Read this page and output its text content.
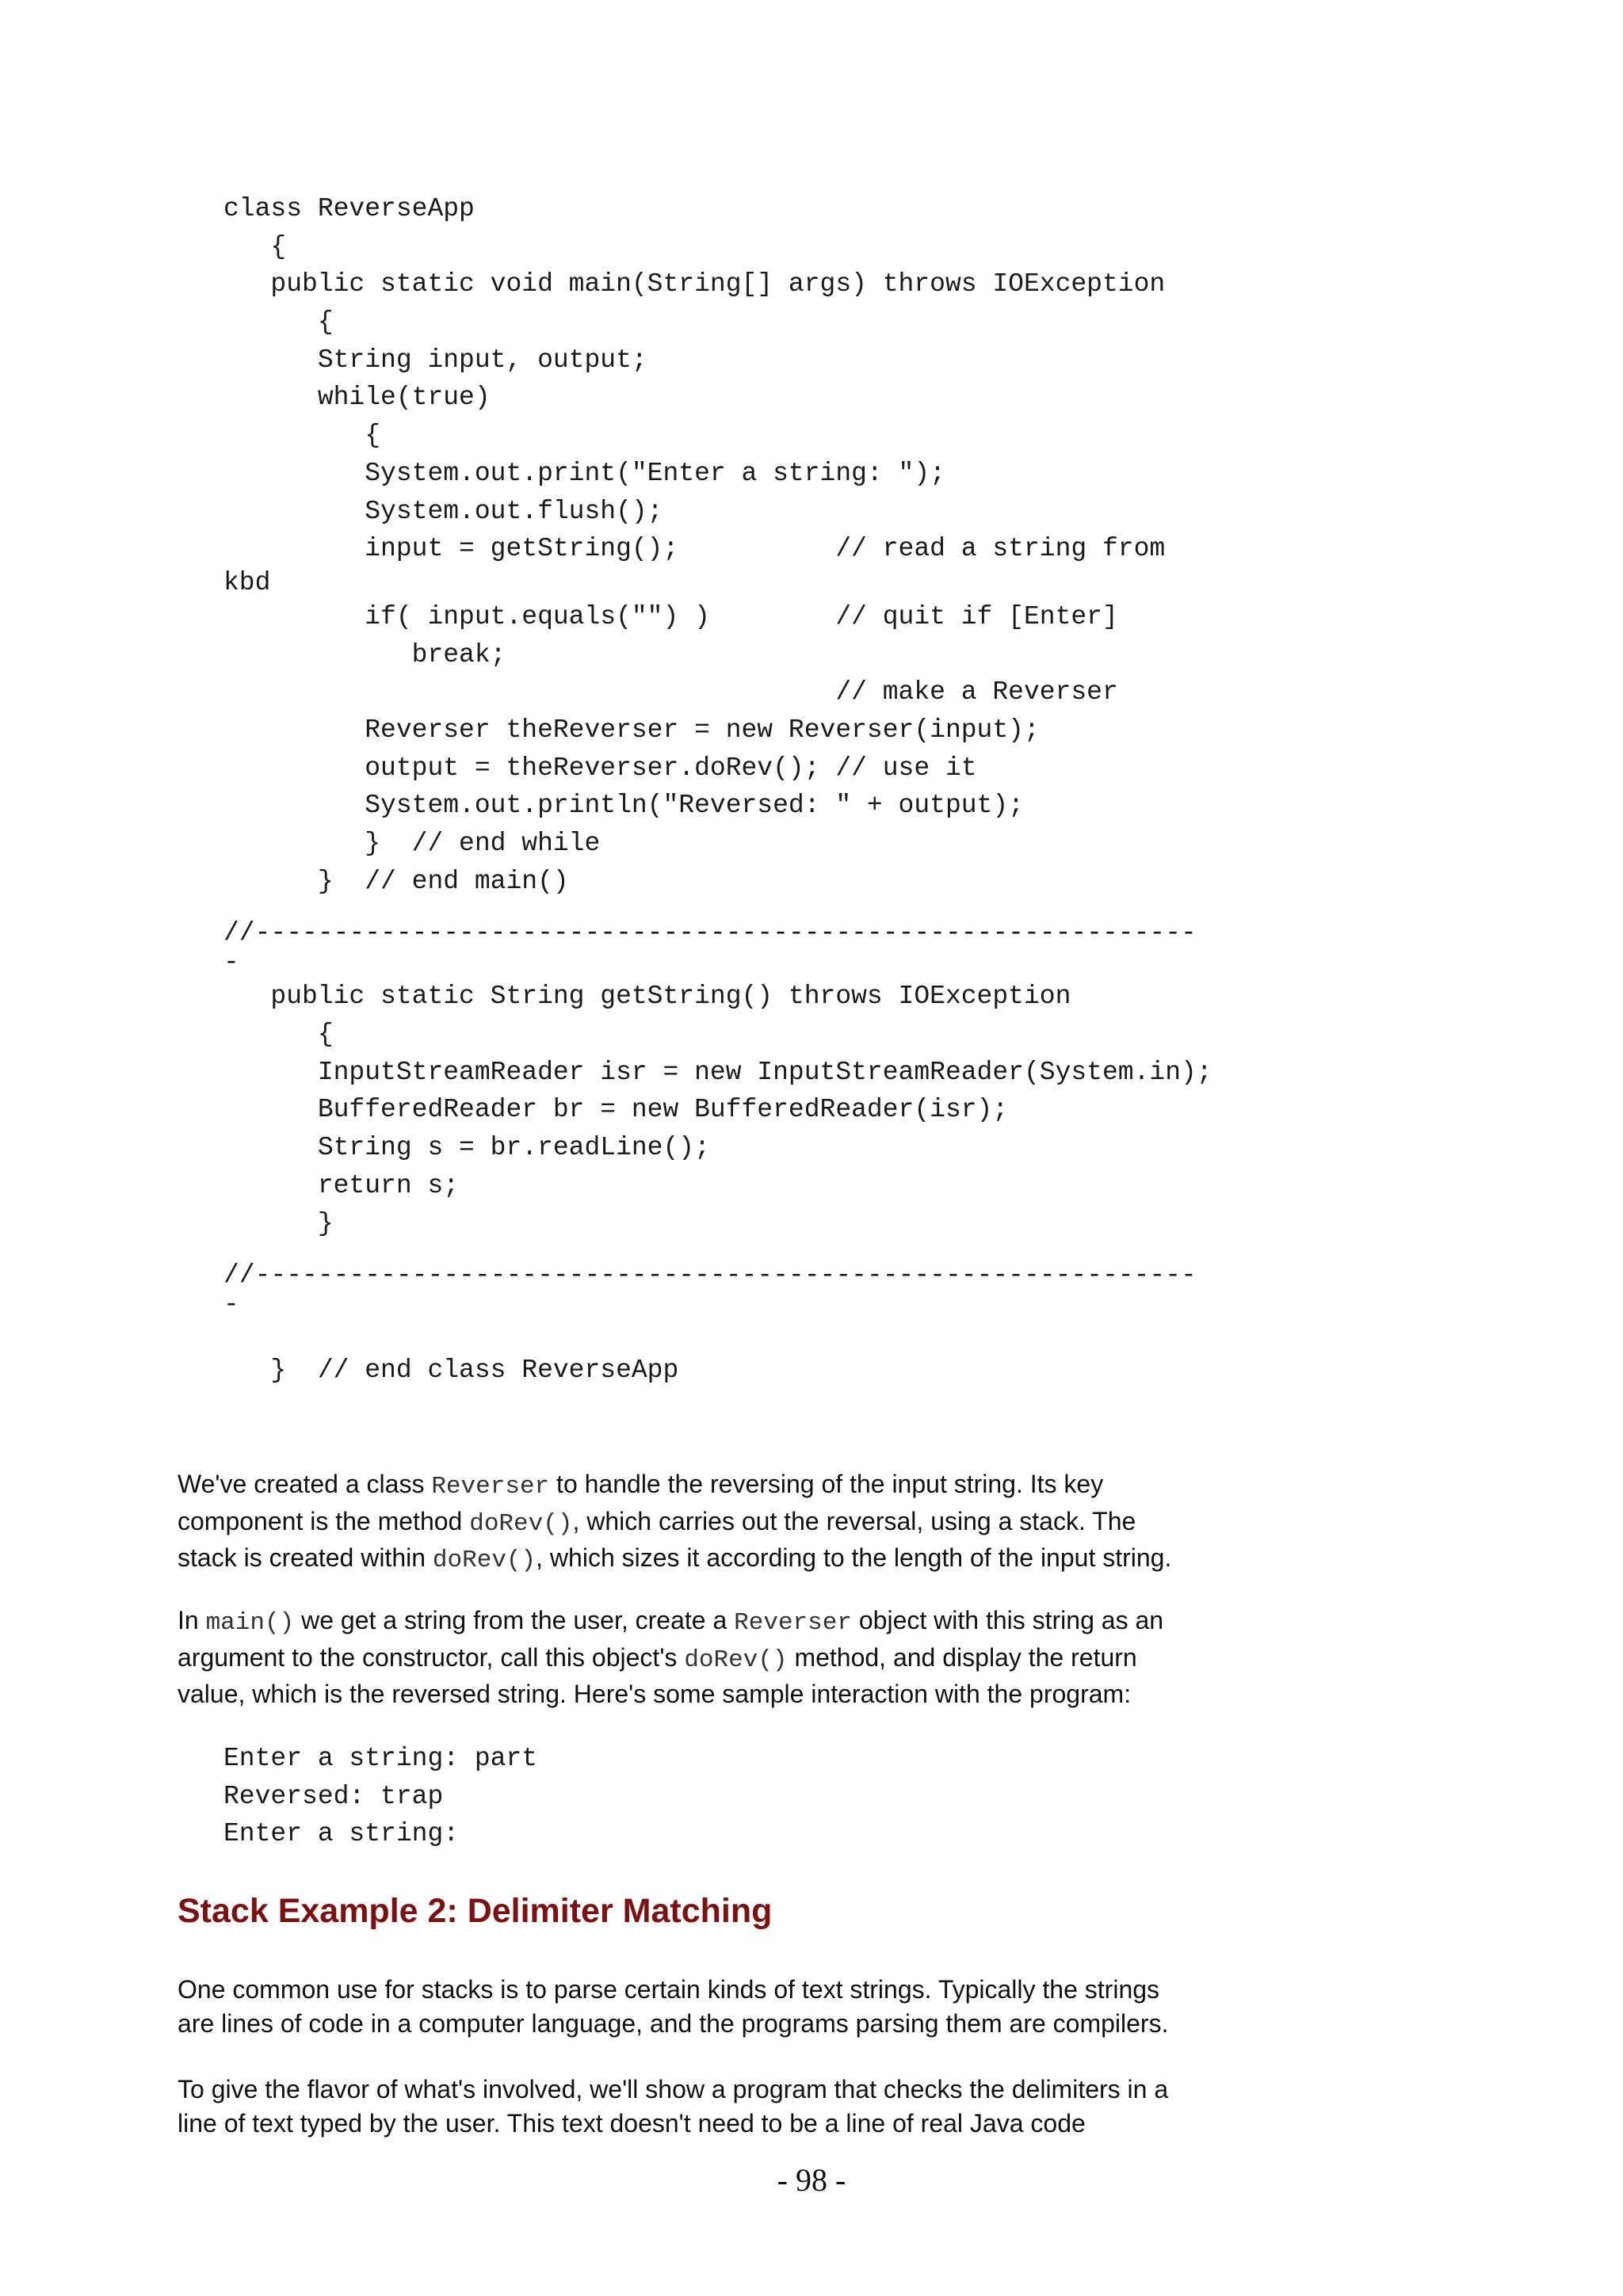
class ReverseApp
{
public static void main(String[] args) throws IOException
{
String input, output;
while(true)
{
System.out.print("Enter a string: ");
System.out.flush();
input = getString();          // read a string from
kbd
if( input.equals("") )        // quit if [Enter]
break;
// make a Reverser
Reverser theReverser = new Reverser(input);
output = theReverser.doRev(); // use it
System.out.println("Reversed: " + output);
}  // end while
}  // end main()
//------------------------------------------------------------
-
public static String getString() throws IOException
{
InputStreamReader isr = new InputStreamReader(System.in);
BufferedReader br = new BufferedReader(isr);
String s = br.readLine();
return s;
}
//------------------------------------------------------------
-
}  // end class ReverseApp

We've created a class Reverser to handle the reversing of the input string. Its key
component is the method doRev(), which carries out the reversal, using a stack. The
stack is created within doRev(), which sizes it according to the length of the input string.

In main() we get a string from the user, create a Reverser object with this string as an
argument to the constructor, call this object's doRev() method, and display the return
value, which is the reversed string. Here's some sample interaction with the program:

Enter a string: part
Reversed: trap
Enter a string:
Stack Example 2: Delimiter Matching

One common use for stacks is to parse certain kinds of text strings. Typically the strings
are lines of code in a computer language, and the programs parsing them are compilers.

To give the flavor of what's involved, we'll show a program that checks the delimiters in a
line of text typed by the user. This text doesn't need to be a line of real Java code

- 98 -
